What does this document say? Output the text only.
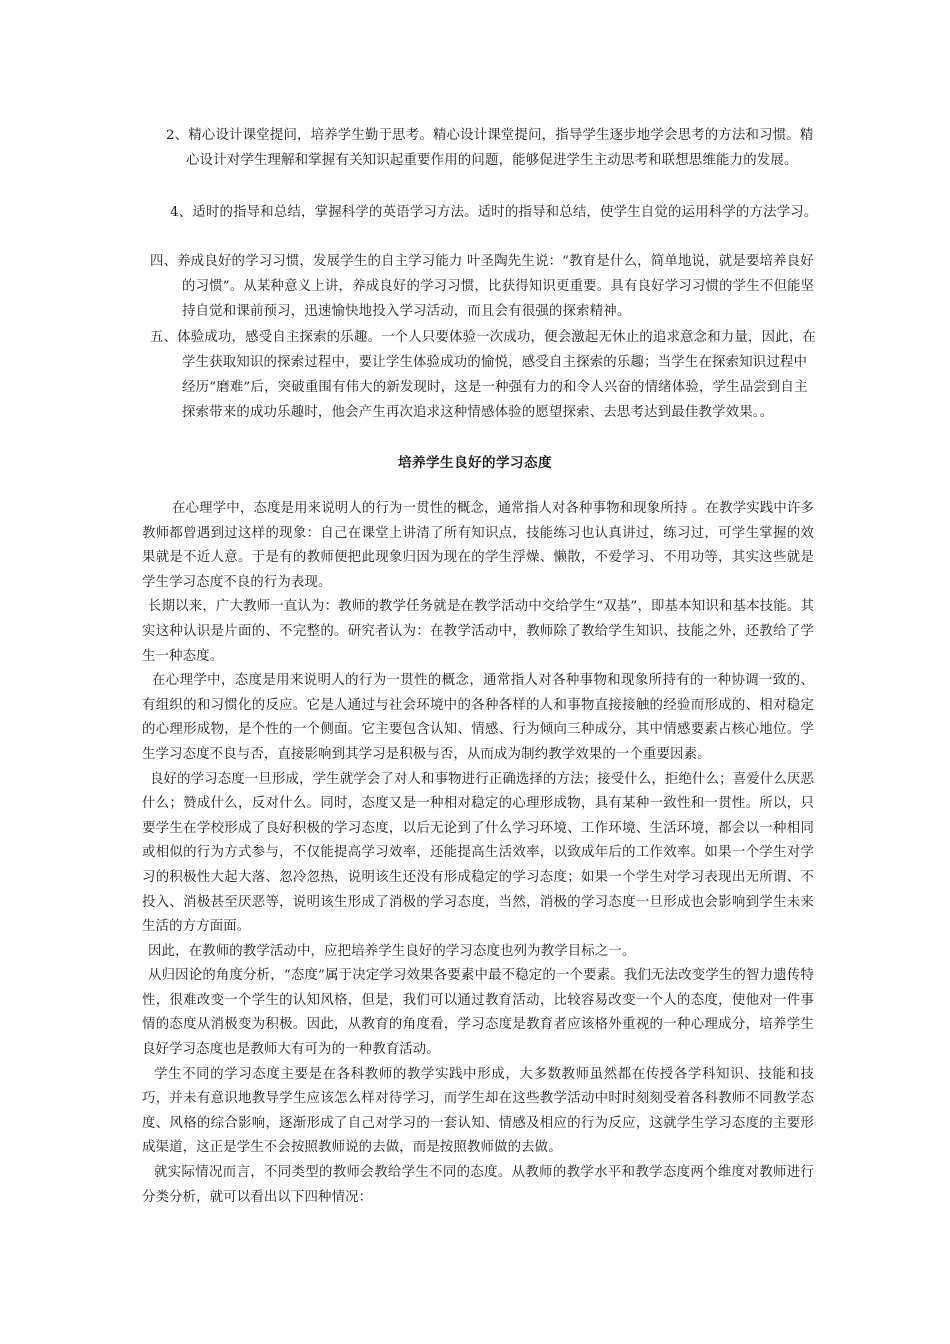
2、精心设计课堂提问，培养学生勤于思考。精心设计课堂提问，指导学生逐步地学会思考的方法和习惯。精心设计对学生理解和掌握有关知识起重要作用的问题，能够促进学生主动思考和联想思维能力的发展。
4、适时的指导和总结，掌握科学的英语学习方法。适时的指导和总结，使学生自觉的运用科学的方法学习。
四、养成良好的学习习惯，发展学生的自主学习能力 叶圣陶先生说：“教育是什么，简单地说，就是要培养良好的习惯”。从某种意义上讲，养成良好的学习习惯，比获得知识更重要。具有良好学习习惯的学生不但能坚持自觉和课前预习，迅速愉快地投入学习活动，而且会有很强的探索精神。
五、体验成功，感受自主探索的乐趣。一个人只要体验一次成功，便会激起无休止的追求意念和力量，因此，在学生获取知识的探索过程中，要让学生体验成功的愉悦，感受自主探索的乐趣；当学生在探索知识过程中经历“磨难”后，突破重围有伟大的新发现时，这是一种强有力的和令人兴奋的情绪体验，学生品尝到自主探索带来的成功乐趣时，他会产生再次追求这种情感体验的愿望探索、去思考达到最佳教学效果。。
培养学生良好的学习态度

在心理学中，态度是用来说明人的行为一贯性的概念，通常指人对各种事物和现象所持 。在教学实践中许多教师都曾遇到过这样的现象：自己在课堂上讲清了所有知识点，技能练习也认真讲过，练习过，可学生掌握的效果就是不近人意。于是有的教师便把此现象归因为现在的学生浮燥、懒散，不爱学习、不用功等，其实这些就是学生学习态度不良的行为表现。

长期以来，广大教师一直认为：教师的教学任务就是在教学活动中交给学生“双基”，即基本知识和基本技能。其实这种认识是片面的、不完整的。研究者认为：在教学活动中，教师除了教给学生知识、技能之外，还教给了学生一种态度。

在心理学中，态度是用来说明人的行为一贯性的概念，通常指人对各种事物和现象所持有的一种协调一致的、有组织的和习惯化的反应。它是人通过与社会环境中的各种各样的人和事物直接接触的经验而形成的、相对稳定的心理形成物，是个性的一个侧面。它主要包含认知、情感、行为倾向三种成分，其中情感要素占核心地位。学生学习态度不良与否，直接影响到其学习是积极与否，从而成为制约教学效果的一个重要因素。

良好的学习态度一旦形成，学生就学会了对人和事物进行正确选择的方法；接受什么，拒绝什么；喜爱什么厌恶什么；赞成什么，反对什么。同时，态度又是一种相对稳定的心理形成物，具有某种一致性和一贯性。所以，只要学生在学校形成了良好积极的学习态度，以后无论到了什么学习环境、工作环境、生活环境，都会以一种相同或相似的行为方式参与，不仅能提高学习效率，还能提高生活效率，以致成年后的工作效率。如果一个学生对学习的积极性大起大落、忽冷忽热，说明该生还没有形成稳定的学习态度；如果一个学生对学习表现出无所谓、不投入、消极甚至厌恶等，说明该生形成了消极的学习态度，当然，消极的学习态度一旦形成也会影响到学生未来生活的方方面面。

因此，在教师的教学活动中，应把培养学生良好的学习态度也列为教学目标之一。

从归因论的角度分析，“态度”属于决定学习效果各要素中最不稳定的一个要素。我们无法改变学生的智力遗传特性，很难改变一个学生的认知风格，但是，我们可以通过教育活动，比较容易改变一个人的态度，使他对一件事情的态度从消极变为积极。因此，从教育的角度看，学习态度是教育者应该格外重视的一种心理成分，培养学生良好学习态度也是教师大有可为的一种教育活动。

学生不同的学习态度主要是在各科教师的教学实践中形成，大多数教师虽然都在传授各学科知识、技能和技巧，并未有意识地教导学生应该怎么样对待学习，而学生却在这些教学活动中时时刻刻受着各科教师不同教学态度、风格的综合影响，逐渐形成了自己对学习的一套认知、情感及相应的行为反应，这就学生学习态度的主要形成渠道，这正是学生不会按照教师说的去做，而是按照教师做的去做。

就实际情况而言，不同类型的教师会教给学生不同的态度。从教师的教学水平和教学态度两个维度对教师进行分类分析，就可以看出以下四种情况：
